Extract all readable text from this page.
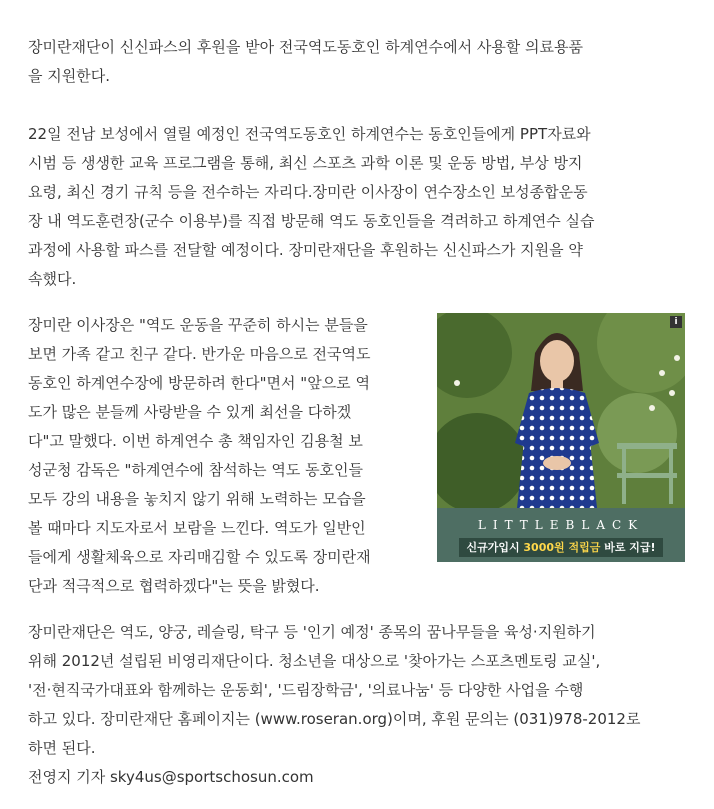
장미란재단이 신신파스의 후원을 받아 전국역도동호인 하계연수에서 사용할 의료용품
을 지원한다.
22일 전남 보성에서 열릴 예정인 전국역도동호인 하계연수는 동호인들에게 PPT자료와
시범 등 생생한 교육 프로그램을 통해, 최신 스포츠 과학 이론 및 운동 방법, 부상 방지
요령, 최신 경기 규칙 등을 전수하는 자리다.장미란 이사장이 연수장소인 보성종합운동
장 내 역도훈련장(군수 이용부)를 직접 방문해 역도 동호인들을 격려하고 하계연수 실습
과정에 사용할 파스를 전달할 예정이다. 장미란재단을 후원하는 신신파스가 지원을 약
속했다.
장미란 이사장은 "역도 운동을 꾸준히 하시는 분들을
보면 가족 같고 친구 같다. 반가운 마음으로 전국역도
동호인 하계연수장에 방문하려 한다"면서 "앞으로 역
도가 많은 분들께 사랑받을 수 있게 최선을 다하겠
다"고 말했다. 이번 하계연수 총 책임자인 김용철 보
성군청 감독은 "하계연수에 참석하는 역도 동호인들
모두 강의 내용을 놓치지 않기 위해 노력하는 모습을
볼 때마다 지도자로서 보람을 느낀다. 역도가 일반인
들에게 생활체육으로 자리매김할 수 있도록 장미란재
단과 적극적으로 협력하겠다"는 뜻을 밝혔다.
장미란재단은 역도, 양궁, 레슬링, 탁구 등 '인기 예정' 종목의 꿈나무들을 육성·지원하기
위해 2012년 설립된 비영리재단이다. 청소년을 대상으로 '찾아가는 스포츠멘토링 교실',
'전·현직국가대표와 함께하는 운동회', '드림장학금', '의료나눔' 등 다양한 사업을 수행
하고 있다. 장미란재단 홈페이지는 (www.roseran.org)이며, 후원 문의는 (031)978-2012로
하면 된다.
전영지 기자 sky4us@sportschosun.com
LITTLEBLACK
신규가입시 3000원 적립금 바로 지급!
i
